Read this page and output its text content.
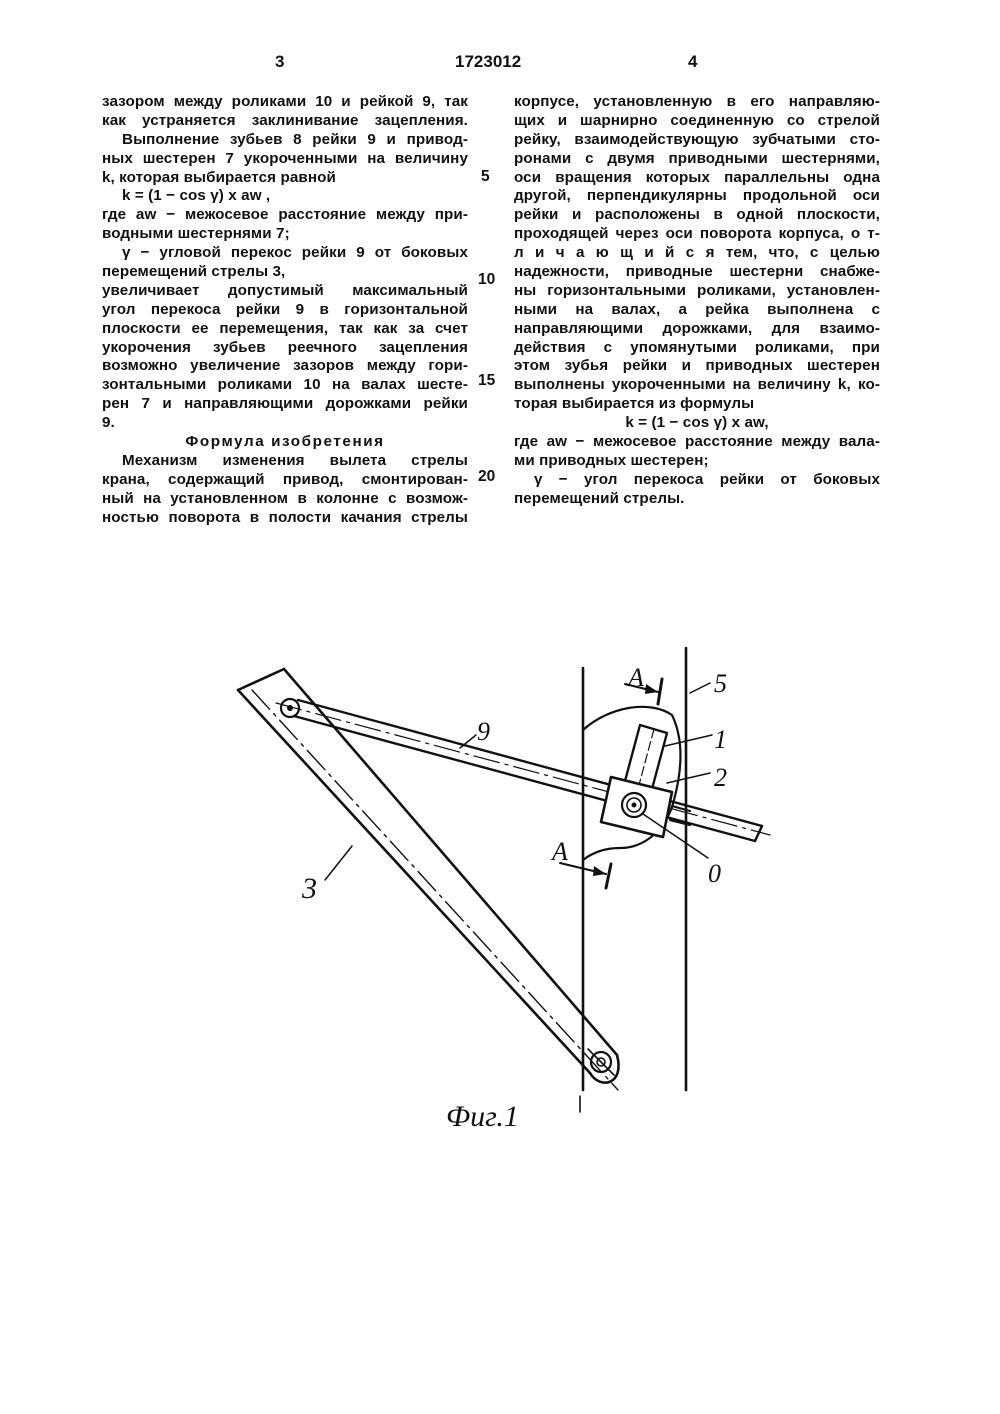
3	1723012	4
зазором между роликами 10 и рейкой 9, так
как устраняется заклинивание зацепления.
Выполнение зубьев 8 рейки 9 и привод-
ных шестерен 7 укороченными на величину
k, которая выбирается равной
k = (1 − cos γ) x aw ,
где aw − межосевое расстояние между при-
водными шестернями 7;
γ − угловой перекос рейки 9 от боковых
перемещений стрелы 3,
увеличивает допустимый максимальный
угол перекоса рейки 9 в горизонтальной
плоскости ее перемещения, так как за счет
укорочения зубьев реечного зацепления
возможно увеличение зазоров между гори-
зонтальными роликами 10 на валах шесте-
рен 7 и направляющими дорожками рейки
9.
Формула изобретения
Механизм изменения вылета стрелы
крана, содержащий привод, смонтирован-
ный на установленном в колонне с возмож-
ностью поворота в полости качания стрелы
корпусе, установленную в его направляю-
щих и шарнирно соединенную со стрелой
рейку, взаимодействующую зубчатыми сто-
ронами с двумя приводными шестернями,
оси вращения которых параллельны одна
другой, перпендикулярны продольной оси
рейки и расположены в одной плоскости,
проходящей через оси поворота корпуса, о т-
л и ч а ю щ и й с я тем, что, с целью
надежности, приводные шестерни снабже-
ны горизонтальными роликами, установлен-
ными на валах, а рейка выполнена с
направляющими дорожками, для взаимо-
действия с упомянутыми роликами, при
этом зубья рейки и приводных шестерен
выполнены укороченными на величину k, ко-
торая выбирается из формулы
k = (1 − cos γ) x aw,
где aw − межосевое расстояние между вала-
ми приводных шестерен;
γ − угол перекоса рейки от боковых
перемещений стрелы.
5
10
15
20
A
A
5
1
2
9
0
3
Фиг.1
